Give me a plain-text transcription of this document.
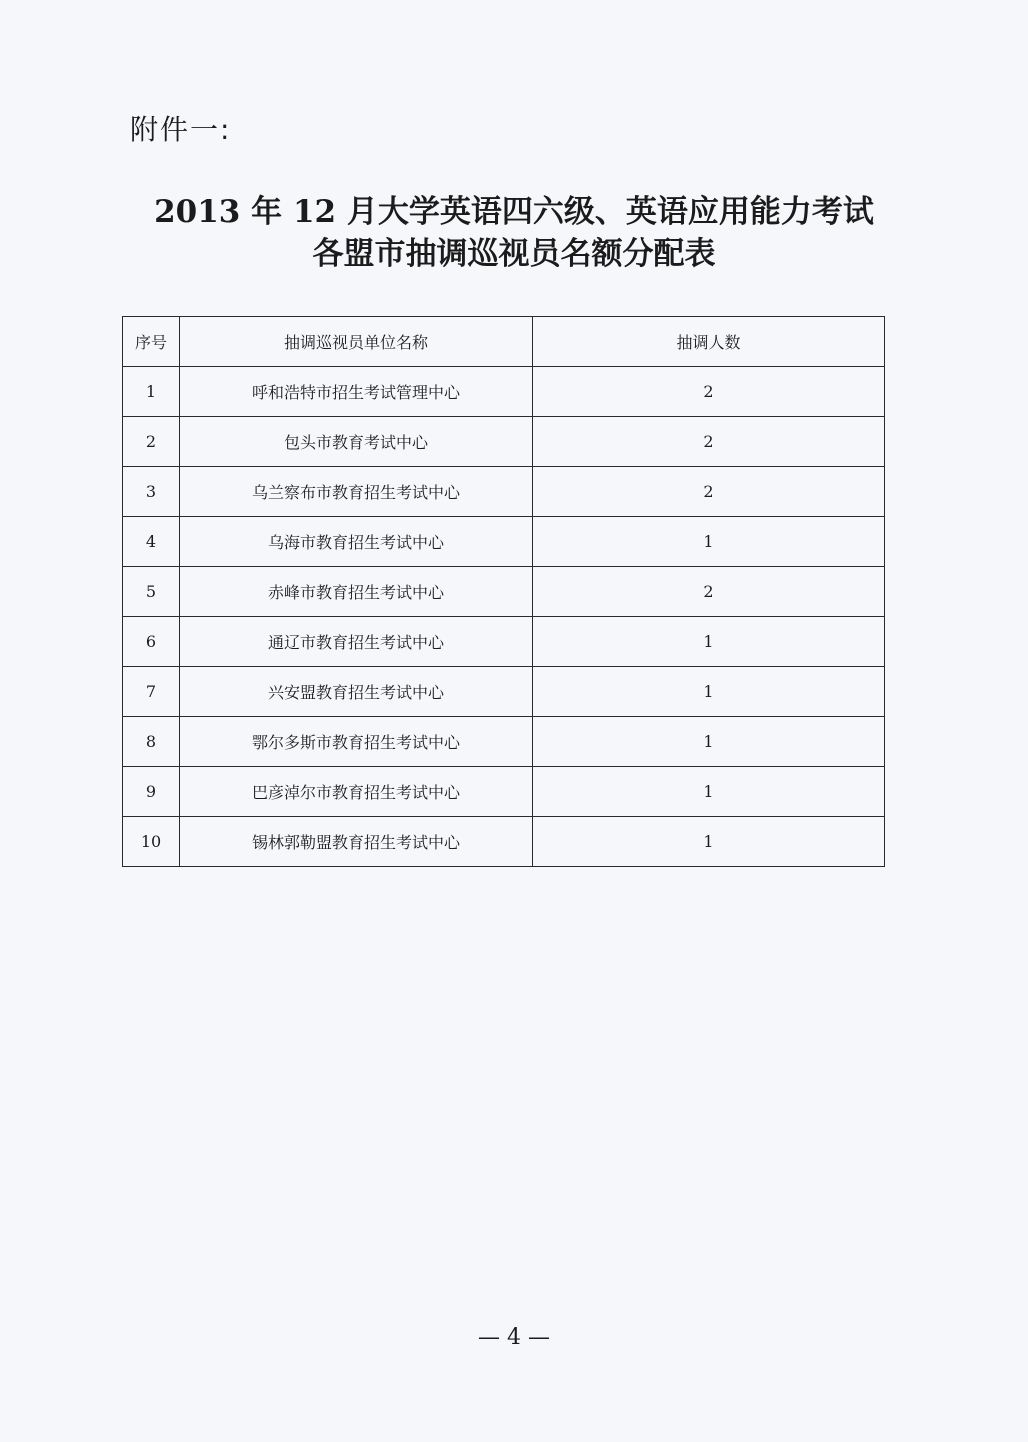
附件一:
2013 年 12 月大学英语四六级、英语应用能力考试
各盟市抽调巡视员名额分配表
序号	抽调巡视员单位名称	抽调人数
1	呼和浩特市招生考试管理中心	2
2	包头市教育考试中心	2
3	乌兰察布市教育招生考试中心	2
4	乌海市教育招生考试中心	1
5	赤峰市教育招生考试中心	2
6	通辽市教育招生考试中心	1
7	兴安盟教育招生考试中心	1
8	鄂尔多斯市教育招生考试中心	1
9	巴彦淖尔市教育招生考试中心	1
10	锡林郭勒盟教育招生考试中心	1
— 4 —
